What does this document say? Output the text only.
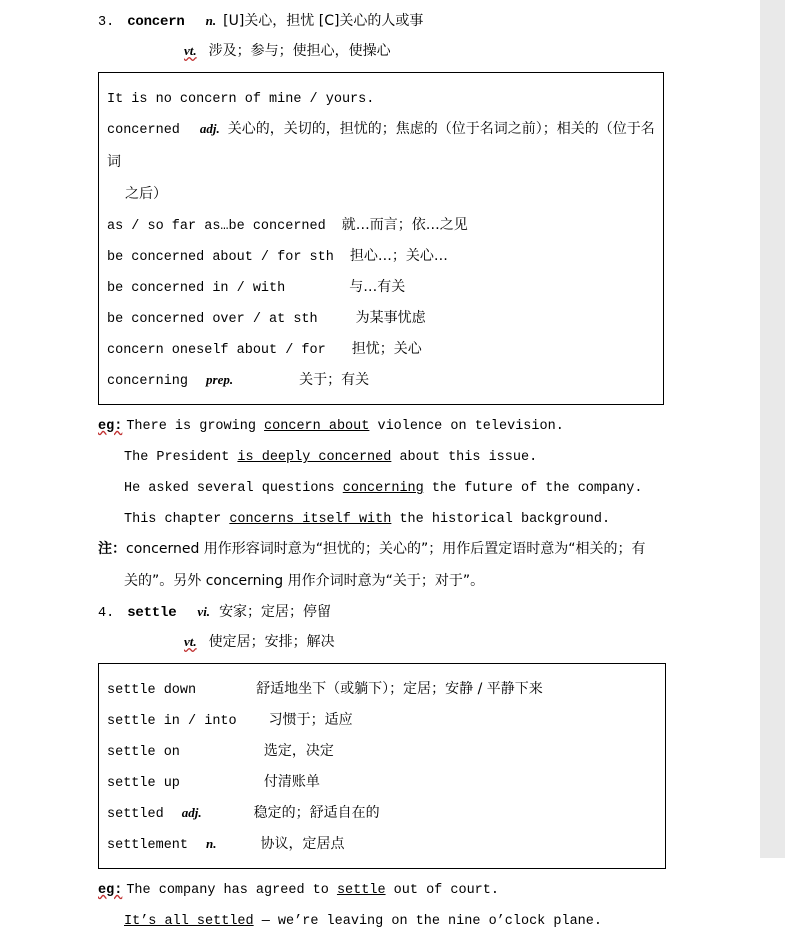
3. concern n. [U]关心，担忧 [C]关心的人或事
vt. 涉及；参与；使担心，使操心
It is no concern of mine / yours.
concerned adj. 关心的，关切的，担忧的；焦虑的（位于名词之前）；相关的（位于名词
之后）
as / so far as…be concerned 就…而言；依…之见
be concerned about / for sth 担心…；关心…
be concerned in / with	与…有关
be concerned over / at sth	为某事忧虑
concern oneself about / for 担忧；关心
concerning prep.	关于；有关
eg: There is growing concern about violence on television.
The President is deeply concerned about this issue.
He asked several questions concerning the future of the company.
This chapter concerns itself with the historical background.
注：concerned 用作形容词时意为“担忧的；关心的”；用作后置定语时意为“相关的；有
关的”。另外 concerning 用作介词时意为“关于；对于”。
4. settle vi. 安家；定居；停留
vt. 使定居；安排；解决
settle down	舒适地坐下（或躺下）；定居；安静 / 平静下来
settle in / into 习惯于；适应
settle on	选定，决定
settle up	付清账单
settled adj.	稳定的；舒适自在的
settlement n.	协议，定居点
eg: The company has agreed to settle out of court.
It’s all settled — we’re leaving on the nine o’clock plane.
